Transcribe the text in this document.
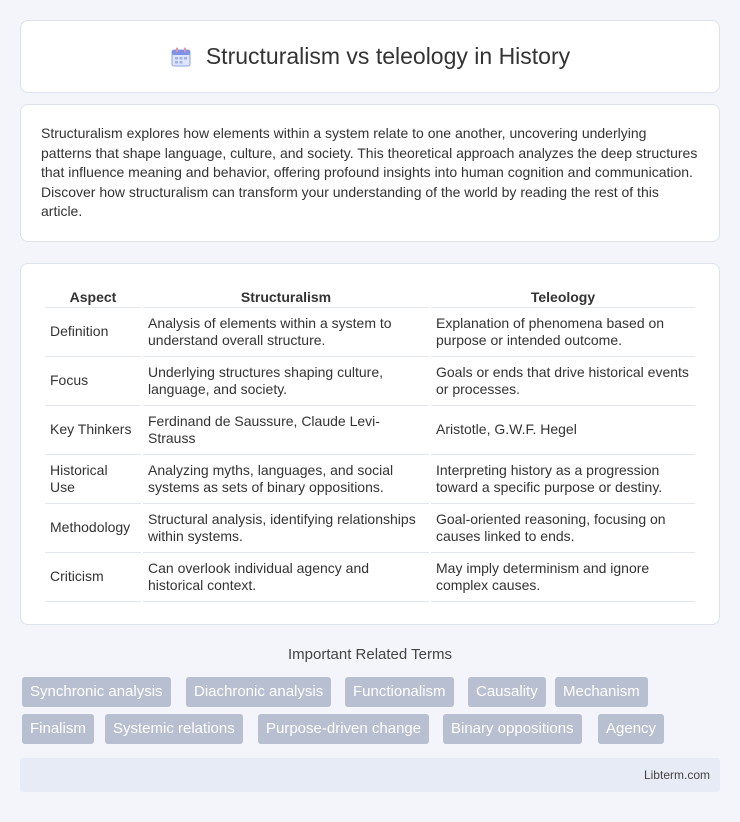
Structuralism vs teleology in History

Structuralism explores how elements within a system relate to one another, uncovering underlying patterns that shape language, culture, and society. This theoretical approach analyzes the deep structures that influence meaning and behavior, offering profound insights into human cognition and communication. Discover how structuralism can transform your understanding of the world by reading the rest of this article.

Aspect	Structuralism	Teleology
Definition	Analysis of elements within a system to understand overall structure.	Explanation of phenomena based on purpose or intended outcome.
Focus	Underlying structures shaping culture, language, and society.	Goals or ends that drive historical events or processes.
Key Thinkers	Ferdinand de Saussure, Claude Levi-Strauss	Aristotle, G.W.F. Hegel
Historical Use	Analyzing myths, languages, and social systems as sets of binary oppositions.	Interpreting history as a progression toward a specific purpose or destiny.
Methodology	Structural analysis, identifying relationships within systems.	Goal-oriented reasoning, focusing on causes linked to ends.
Criticism	Can overlook individual agency and historical context.	May imply determinism and ignore complex causes.
Important Related Terms
Synchronic analysis	Diachronic analysis	Functionalism	Causality	Mechanism
Finalism	Systemic relations	Purpose-driven change	Binary oppositions	Agency
Libterm.com
